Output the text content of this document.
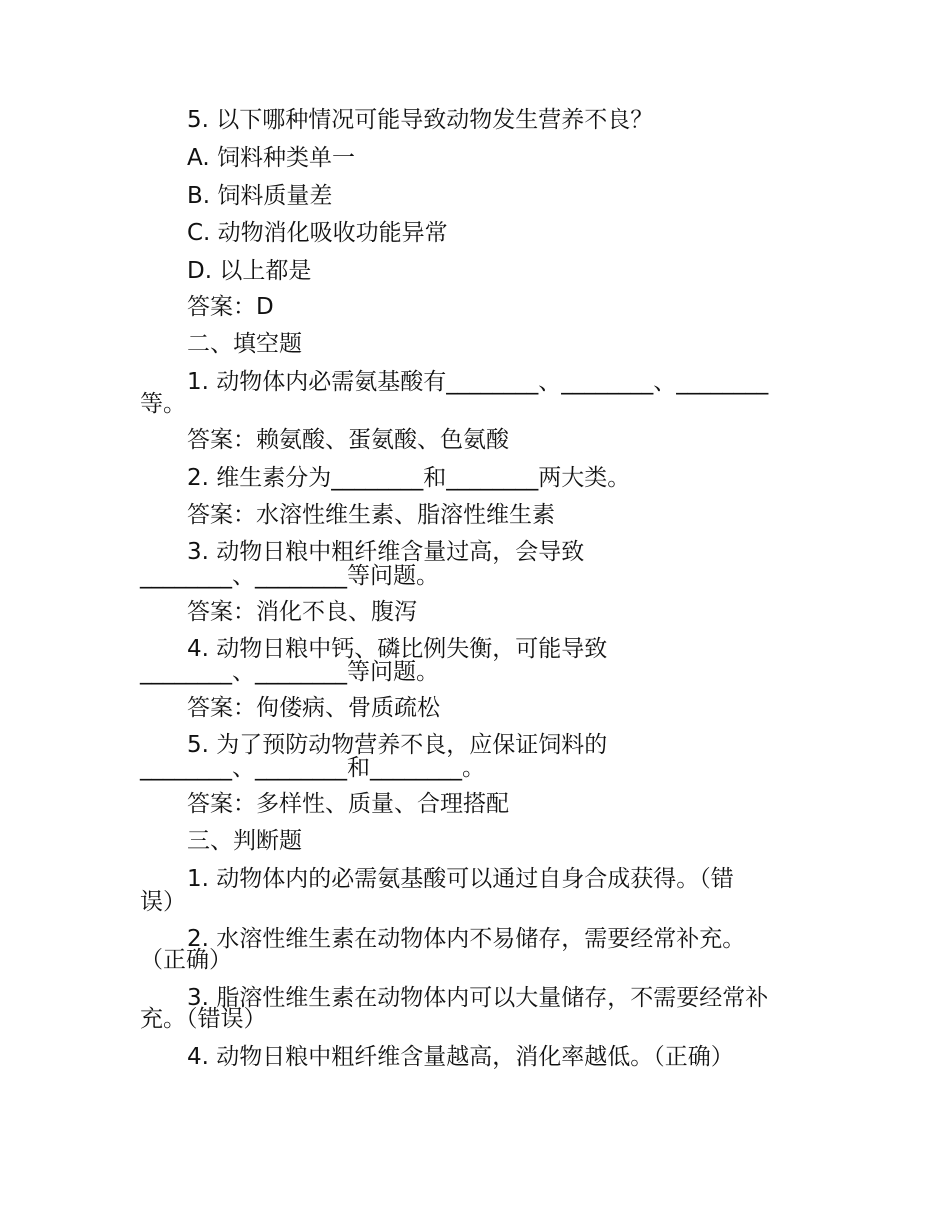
5. 以下哪种情况可能导致动物发生营养不良？
A. 饲料种类单一
B. 饲料质量差
C. 动物消化吸收功能异常
D. 以上都是
答案：D
二、填空题
1. 动物体内必需氨基酸有________、________、________
等。
答案：赖氨酸、蛋氨酸、色氨酸
2. 维生素分为________和________两大类。
答案：水溶性维生素、脂溶性维生素
3. 动物日粮中粗纤维含量过高，会导致
________、________等问题。
答案：消化不良、腹泻
4. 动物日粮中钙、磷比例失衡，可能导致
________、________等问题。
答案：佝偻病、骨质疏松
5. 为了预防动物营养不良，应保证饲料的
________、________和________。
答案：多样性、质量、合理搭配
三、判断题
1. 动物体内的必需氨基酸可以通过自身合成获得。（错
误）
2. 水溶性维生素在动物体内不易储存，需要经常补充。
（正确）
3. 脂溶性维生素在动物体内可以大量储存，不需要经常补
充。（错误）
4. 动物日粮中粗纤维含量越高，消化率越低。（正确）
